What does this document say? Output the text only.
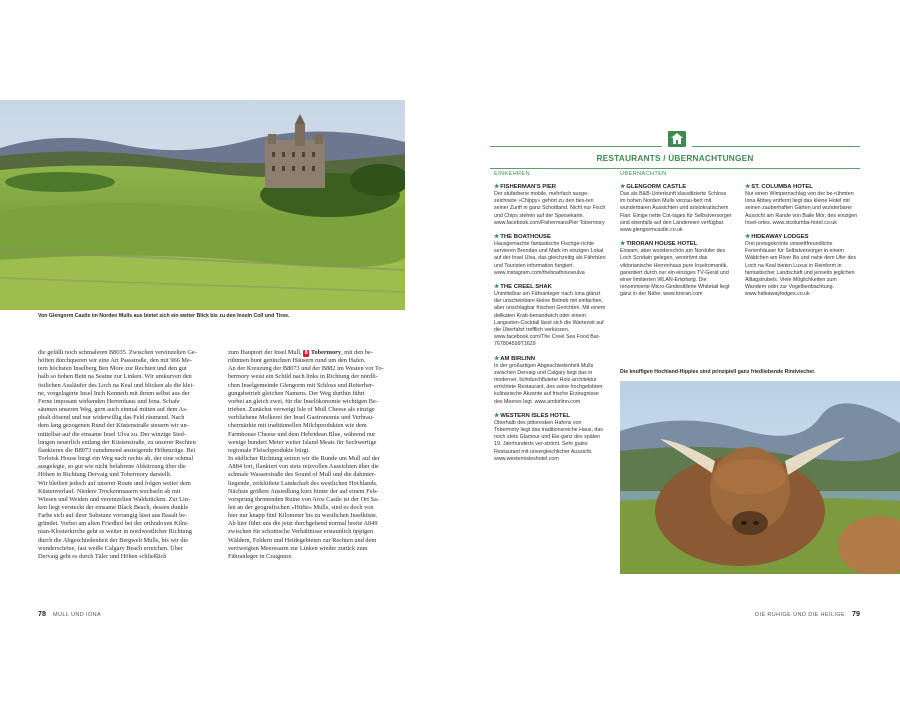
Von Glengorm Castle im Norden Mulls aus bietet sich ein weiter Blick bis zu den Inseln Coll und Tiree.

die gefällt noch schmaleren B8035. Zwischen vereinzelten Ge-

höften durchqueren wir eine Art Passstraße, den mit 966 Me-

tern höchsten Inselberg Ben More zur Rechten und den gut

halb so hohen Bein na Seaine zur Linken. Wir umkurven den

östlichen Ausläufer des Loch na Keal und blicken als die klei-

ne, vorgelagerte Insel Inch Kenneth mit ihrem selbst aus der

Ferne imposant wirkenden Herrenhaus und Iona. Schafe

säumen unseren Weg, gern auch einmal mitten auf dem As-

phalt dösend und nur widerwillig das Feld räumend. Nach

dem lang gezogenen Rund der Küstenstraße steuern wir un-

mittelbar auf die einsame Insel Ulva zu. Der winzige Sied-

lungen neuerlich entlang der Küstenstraße, zu unserer Rechten

flankieren die B8073 zunehmend ansteigende Höhenzüge. Bei

Torloisk House biegt ein Weg nach rechts ab, der eine schmal

ausgelegte, so gut wie nicht befahrene Abkürzung über die

Höhen in Richtung Dervaig und Tobermory darstellt.

Wir bleiben jedoch auf unserer Route und folgen weiter dem

Küstenverlauf. Niedere Trockenmauern wechseln ab mit

Wiesen und Weiden und vereinzelten Waldstücken. Zur Lin-

ken liegt versteckt der einsame Black Beach, dessen dunkle

Farbe sich auf ihrer Substanz vorrangig lässt aus Basalt be-

gründet. Vorbei am alten Friedhof bei der orthodoxen Kilni-

nian-Klosterkirche geht es weiter in nordwestlicher Richtung

durch die Abgeschiedenheit der Bergwelt Mulls, bis wir die

wunderschöne, fast weiße Calgary Beach erreichen. Über

Dervaig geht es durch Täler und Höhen schließlich

zum Hauptort der Insel Mull, 8 Tobermory, mit den be-

rühmten bunt getünchten Häusern rund um den Hafen.

An der Kreuzung der B8073 und der B882 im Westen vor To-

bermory weist ein Schild nach links in Richtung der nördli-

chen Inselgemeinde Glengorm mit Schloss und Reiterher-

gungsbetrieb gleichen Namens. Der Weg dorthin führt

vorbei an gleich zwei, für die Inselökonomie wichtigen Be-

trieben. Zunächst verweigt Isle of Mull Cheese als einzige

verbliebene Molkerei der Insel Gastronomie und Verbrau-

chermärkte mit traditionellen Milchprodukten wie dem

Farmhouse Cheese und dem Hebridean Blue, während nur

wenige hundert Meter weiter Island Meats für Sechwertige

regionale Fleischprodukte bürgt.

In südlicher Richtung setzen wir die Runde um Mull auf der

A884 fort, flankiert von stets reizvollen Aussichten über die

schmale Wasserstraße des Sound of Mull und die dahinter-

liegende, zerklüftete Landschaft des westlichen Hochlands.

Nächste größere Ansiedlung kurz hinter der auf einem Fels-

vorsprung thronenden Ruine von Aros Castle ist der Ort Sa-

len an der geografischen »Hüfte« Mulls, sind es doch von

hier nur knapp fünf Kilometer bis zu westlichen Inselküste.

Ab hier führt uns die jetzt durchgehend normal breite A849

zwischen für schottische Verhältnisse erstaunlich üppigen

Wäldern, Feldern und Heidegebieten zur Rechten und dem

verzweigten Meeresarm zur Linken wieder zurück zum

Fähranleger in Craignure.

78 MULL UND IONA
RESTAURANTS / ÜBERNACHTUNGEN
EINKEHREN	ÜBERNACHTEN
★FISHERMAN'S PIER
Der stufarbene mobile, mehrfach ausge-zeichnete »Chippy« gehört zu den bes-ten seiner Zunft in ganz Schottland. Nicht nur Fisch und Chips stehen auf der Speisekarte. www.facebook.com/FishermansPier Tobermory
★THE BOATHOUSE
Hausgemachte fantastische Fischge-richte servieren Brendan und Mark im einzigen Lokal auf der Insel Ulva, das gleichzeitig als Fährbüro und Touristen information fungiert. www.instagram.com/theboathouseulva
★THE CREEL SHAK
Unmittelbar am Fähranleger nach Iona glänzt der unscheinbare kleine Betrieb mit einfachen, aber unschlagbar frischen Gerichten. Mit einem delikaten Krab-benandwich oder einem Langusten-Cocktail lässt sich die Wartezeit auf die Überfahrt trefflich verkürzen. www.facebook.com/The Creel Sea Food Bar-767804599T1629
★AM BIRLINN
In der großartigen Abgeschiedenheit Mulls zwischen Dervaig und Calgary liegt das in moderner, lichtdurchfluteter Holz-architektur errichtete Restaurant, des seine hochgelobten kulinarische Akzente auf frische Erzeugnisse des Meeres legt. www.ambirlinn.com
★WESTERN ISLES HOTEL
Oberhalb des pittoresken Hafens von Tobermory liegt das traditionsreiche Haus, das noch stets Glamour und Ele-ganz des späten 19. Jahrhunderts ver-strömt. Sehr gutes Restaurant mit unvergleichlicher Aussicht. www.westernisleshotel.com
★GLENGORM CASTLE
Das als B&B-Unterkunft klassifizierte Schloss im hohen Norden Mulls verzau-bert mit wunderbaren Aussichten und aristokratischem Flair. Einige nette Cot-tages für Selbstversorger sind ebenfalls auf den Ländereien verfügbar. www.glengormcastle.co.uk
★TIRORAN HOUSE HOTEL
Einsam, aber wunderschön am Nordufer des Loch Scridain gelegen, verströmt das viktorianische Herrenhaus pure Inselromantik, garantiert durch nur ein einziges TV-Gerät und einer limitierten WLAN-Empfang. Die renommierte Micro-Gindestillerie Whitetail liegt gänz in der Nähe. www.tiroran.com
★ST. COLUMBA HOTEL
Nur einen Wimpernschlag von der be-rühmten Iona Abbey entfernt liegt das kleine Hotel mit seinen zauberhaften Gärten und wunderbarer Aussicht am Rande von Baile Mòr, des einzigen Insel-ortes. www.stcolumba-hotel.co.uk
★HIDEAWAY LODGES
Drei preisgekrönte umweltfreundliche Ferienhäuser für Selbstversorger in einem Wäldchen am River Ba und nahe dem Ufer des Loch na Keal bieten Luxus in Reinform in fantastischer Landschaft und jenseits jeglichen Alltagstrubels. Viele Möglichkeiten zum Wandern oder zur Vogelbeobachtung. www.hideawaylodges.co.uk
Die knuffigen Hochland-Hippies sind prinzipiell ganz friedliebende Rindviecher.
DIE RUHIGE UND DIE HEILIGE 79
